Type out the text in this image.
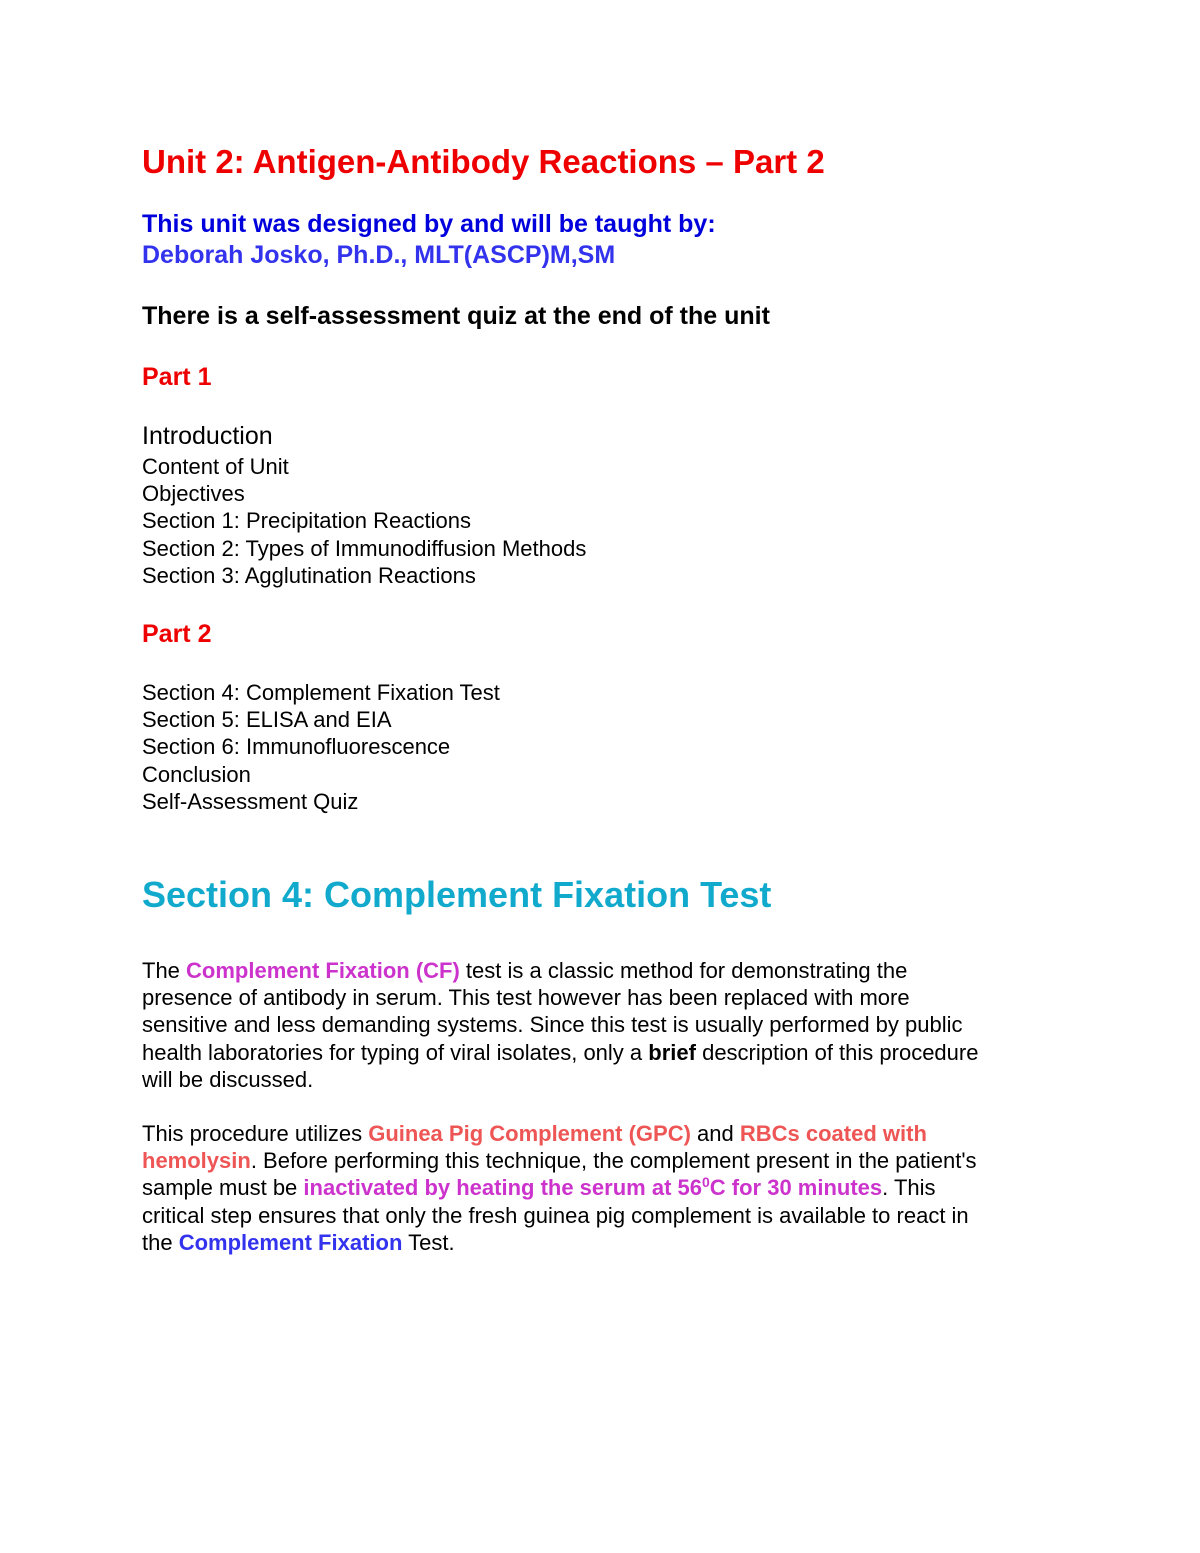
Unit 2: Antigen-Antibody Reactions – Part 2
This unit was designed by and will be taught by:
Deborah Josko, Ph.D., MLT(ASCP)M,SM
There is a self-assessment quiz at the end of the unit
Part 1
Introduction
Content of Unit
Objectives
Section 1: Precipitation Reactions
Section 2: Types of Immunodiffusion Methods
Section 3: Agglutination Reactions
Part 2
Section 4: Complement Fixation Test
Section 5: ELISA and EIA
Section 6: Immunofluorescence
Conclusion
Self-Assessment Quiz
Section 4: Complement Fixation Test
The Complement Fixation (CF) test is a classic method for demonstrating the
presence of antibody in serum. This test however has been replaced with more
sensitive and less demanding systems. Since this test is usually performed by public
health laboratories for typing of viral isolates, only a brief description of this procedure
will be discussed.
This procedure utilizes Guinea Pig Complement (GPC) and RBCs coated with
hemolysin. Before performing this technique, the complement present in the patient's
sample must be inactivated by heating the serum at $56^0C$ for 30 minutes. This
critical step ensures that only the fresh guinea pig complement is available to react in
the Complement Fixation Test.
